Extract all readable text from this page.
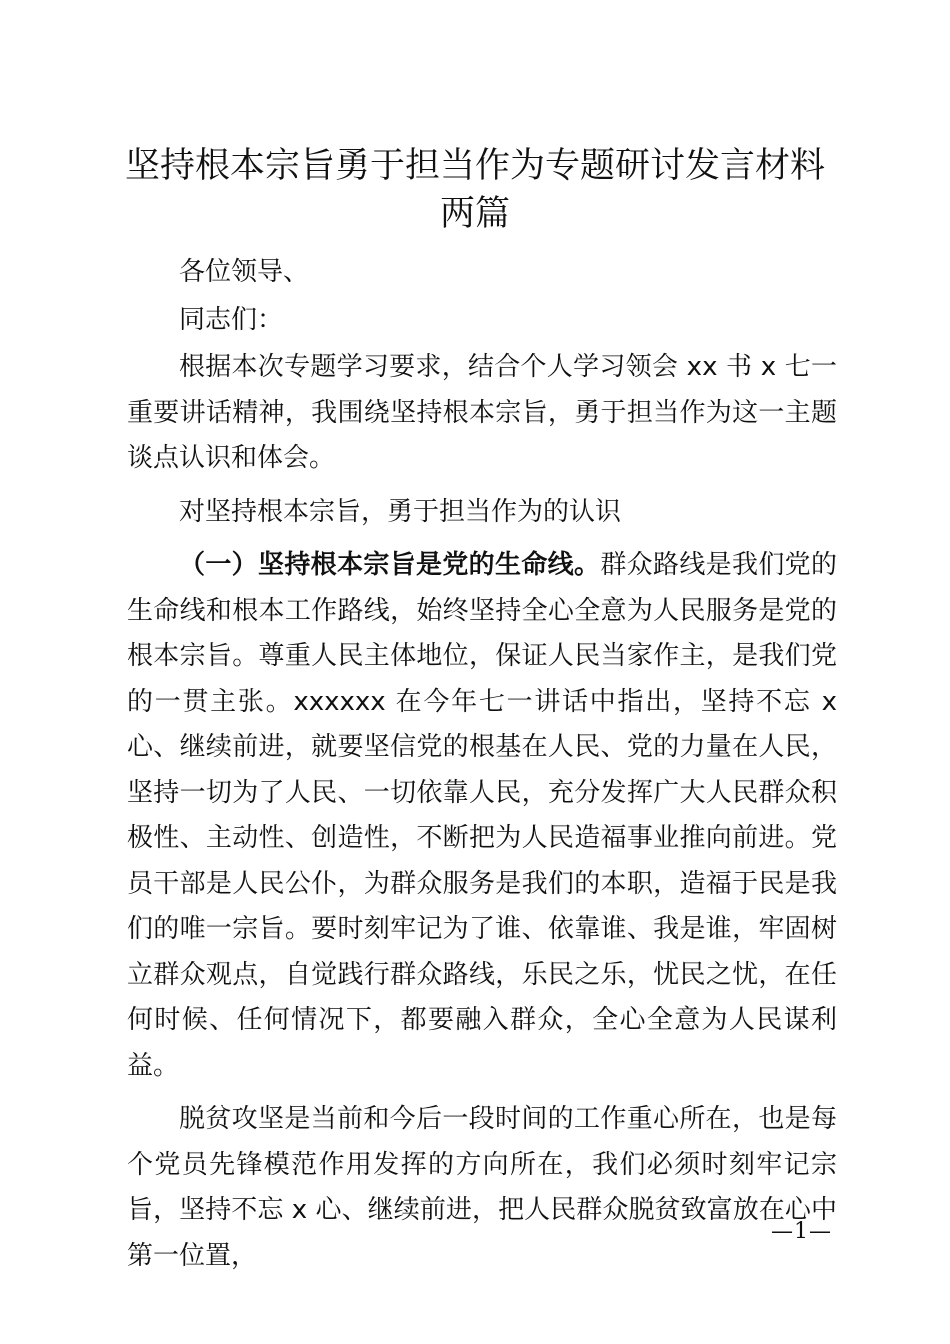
坚持根本宗旨勇于担当作为专题研讨发言材料
两篇

各位领导、

同志们：

根据本次专题学习要求，结合个人学习领会 xx 书 x 七一重要讲话精神，我围绕坚持根本宗旨，勇于担当作为这一主题谈点认识和体会。

对坚持根本宗旨，勇于担当作为的认识

（一）坚持根本宗旨是党的生命线。群众路线是我们党的生命线和根本工作路线，始终坚持全心全意为人民服务是党的根本宗旨。尊重人民主体地位，保证人民当家作主，是我们党的一贯主张。xxxxxx 在今年七一讲话中指出，坚持不忘 x 心、继续前进，就要坚信党的根基在人民、党的力量在人民，坚持一切为了人民、一切依靠人民，充分发挥广大人民群众积极性、主动性、创造性，不断把为人民造福事业推向前进。党员干部是人民公仆，为群众服务是我们的本职，造福于民是我们的唯一宗旨。要时刻牢记为了谁、依靠谁、我是谁，牢固树立群众观点，自觉践行群众路线，乐民之乐，忧民之忧，在任何时候、任何情况下，都要融入群众，全心全意为人民谋利益。

脱贫攻坚是当前和今后一段时间的工作重心所在，也是每个党员先锋模范作用发挥的方向所在，我们必须时刻牢记宗旨，坚持不忘 x 心、继续前进，把人民群众脱贫致富放在心中第一位置，

—1—
